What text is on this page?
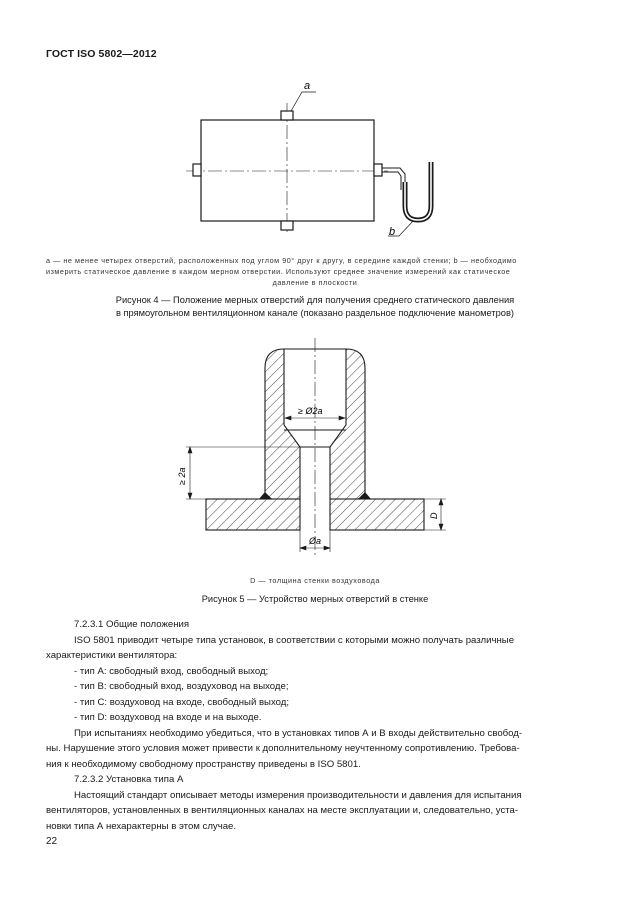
ГОСТ ISO 5802—2012
a
b
a — не менее четырех отверстий, расположенных под углом 90° друг к другу, в середине каждой стенки; b — необходимо
измерить статическое давление в каждом мерном отверстии. Используют среднее значение измерений как статическое
давление в плоскости
Рисунок 4 — Положение мерных отверстий для получения среднего статического давления
в прямоугольном вентиляционном канале (показано раздельное подключение манометров)
≥ Ø2a
≥ 2a
Øa
D
D — толщина стенки воздуховода
Рисунок 5 — Устройство мерных отверстий в стенке
7.2.3.1 Общие положения
ISO 5801 приводит четыре типа установок, в соответствии с которыми можно получать различные
характеристики вентилятора:
- тип А: свободный вход, свободный выход;
- тип В: свободный вход, воздуховод на выходе;
- тип С: воздуховод на входе, свободный выход;
- тип D: воздуховод на входе и на выходе.
При испытаниях необходимо убедиться, что в установках типов А и В входы действительно свобод-
ны. Нарушение этого условия может привести к дополнительному неучтенному сопротивлению. Требова-
ния к необходимому свободному пространству приведены в ISO 5801.
7.2.3.2 Установка типа А
Настоящий стандарт описывает методы измерения производительности и давления для испытания
вентиляторов, установленных в вентиляционных каналах на месте эксплуатации и, следовательно, уста-
новки типа А нехарактерны в этом случае.
22
